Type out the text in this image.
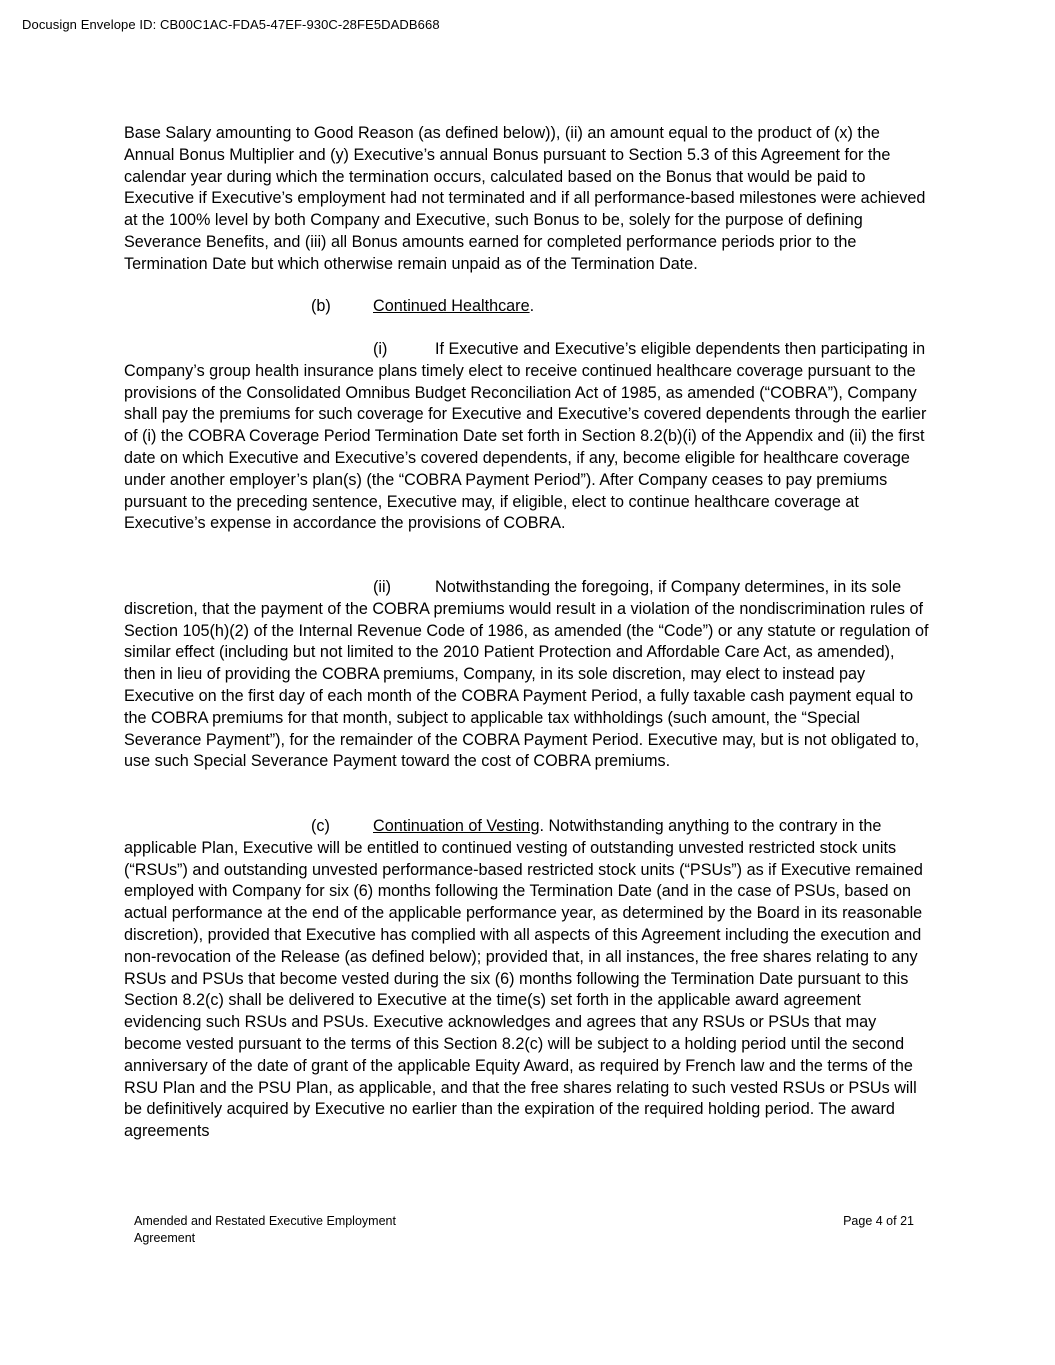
Docusign Envelope ID: CB00C1AC-FDA5-47EF-930C-28FE5DADB668

Base Salary amounting to Good Reason (as defined below)), (ii) an amount equal to the product of (x) the Annual Bonus Multiplier and (y) Executive’s annual Bonus pursuant to Section 5.3 of this Agreement for the calendar year during which the termination occurs, calculated based on the Bonus that would be paid to Executive if Executive’s employment had not terminated and if all performance-based milestones were achieved at the 100% level by both Company and Executive, such Bonus to be, solely for the purpose of defining Severance Benefits, and (iii) all Bonus amounts earned for completed performance periods prior to the Termination Date but which otherwise remain unpaid as of the Termination Date.

(b)	Continued Healthcare.

(i)	If Executive and Executive’s eligible dependents then participating in Company’s group health insurance plans timely elect to receive continued healthcare coverage pursuant to the provisions of the Consolidated Omnibus Budget Reconciliation Act of 1985, as amended (“COBRA”), Company shall pay the premiums for such coverage for Executive and Executive’s covered dependents through the earlier of (i) the COBRA Coverage Period Termination Date set forth in Section 8.2(b)(i) of the Appendix and (ii) the first date on which Executive and Executive’s covered dependents, if any, become eligible for healthcare coverage under another employer’s plan(s) (the “COBRA Payment Period”). After Company ceases to pay premiums pursuant to the preceding sentence, Executive may, if eligible, elect to continue healthcare coverage at Executive’s expense in accordance the provisions of COBRA.

(ii)	Notwithstanding the foregoing, if Company determines, in its sole discretion, that the payment of the COBRA premiums would result in a violation of the nondiscrimination rules of Section 105(h)(2) of the Internal Revenue Code of 1986, as amended (the “Code”) or any statute or regulation of similar effect (including but not limited to the 2010 Patient Protection and Affordable Care Act, as amended), then in lieu of providing the COBRA premiums, Company, in its sole discretion, may elect to instead pay Executive on the first day of each month of the COBRA Payment Period, a fully taxable cash payment equal to the COBRA premiums for that month, subject to applicable tax withholdings (such amount, the “Special Severance Payment”), for the remainder of the COBRA Payment Period. Executive may, but is not obligated to, use such Special Severance Payment toward the cost of COBRA premiums.

(c)	Continuation of Vesting. Notwithstanding anything to the contrary in the applicable Plan, Executive will be entitled to continued vesting of outstanding unvested restricted stock units (“RSUs”) and outstanding unvested performance-based restricted stock units (“PSUs”) as if Executive remained employed with Company for six (6) months following the Termination Date (and in the case of PSUs, based on actual performance at the end of the applicable performance year, as determined by the Board in its reasonable discretion), provided that Executive has complied with all aspects of this Agreement including the execution and non-revocation of the Release (as defined below); provided that, in all instances, the free shares relating to any RSUs and PSUs that become vested during the six (6) months following the Termination Date pursuant to this Section 8.2(c) shall be delivered to Executive at the time(s) set forth in the applicable award agreement evidencing such RSUs and PSUs. Executive acknowledges and agrees that any RSUs or PSUs that may become vested pursuant to the terms of this Section 8.2(c) will be subject to a holding period until the second anniversary of the date of grant of the applicable Equity Award, as required by French law and the terms of the RSU Plan and the PSU Plan, as applicable, and that the free shares relating to such vested RSUs or PSUs will be definitively acquired by Executive no earlier than the expiration of the required holding period. The award agreements

Amended and Restated Executive Employment Agreement
Page 4 of 21
